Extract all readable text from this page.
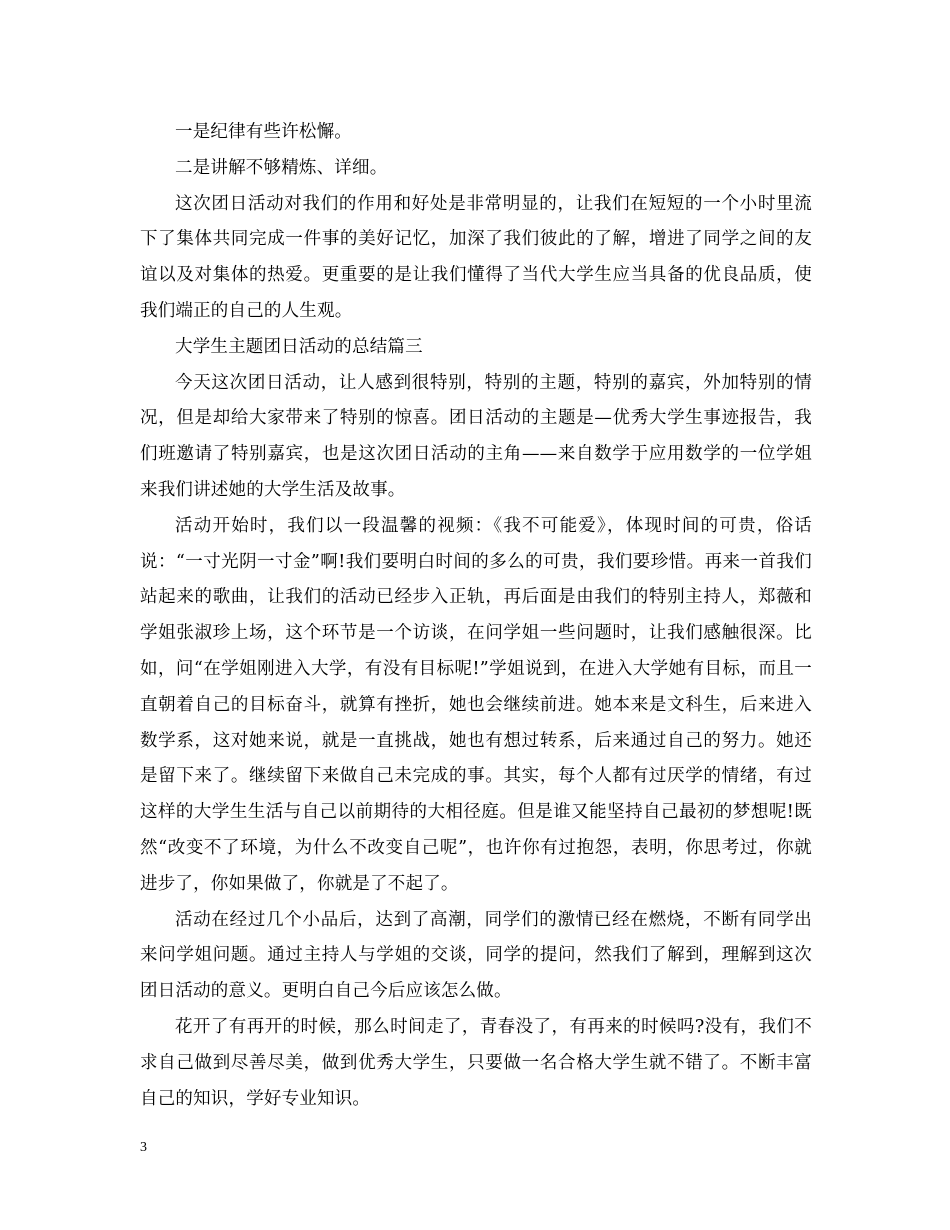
一是纪律有些许松懈。

二是讲解不够精炼、详细。

这次团日活动对我们的作用和好处是非常明显的，让我们在短短的一个小时里流下了集体共同完成一件事的美好记忆，加深了我们彼此的了解，增进了同学之间的友谊以及对集体的热爱。更重要的是让我们懂得了当代大学生应当具备的优良品质，使我们端正的自己的人生观。

大学生主题团日活动的总结篇三

今天这次团日活动，让人感到很特别，特别的主题，特别的嘉宾，外加特别的情况，但是却给大家带来了特别的惊喜。团日活动的主题是—优秀大学生事迹报告，我们班邀请了特别嘉宾，也是这次团日活动的主角——来自数学于应用数学的一位学姐来我们讲述她的大学生活及故事。

活动开始时，我们以一段温馨的视频：《我不可能爱》，体现时间的可贵，俗话说：“一寸光阴一寸金”啊!我们要明白时间的多么的可贵，我们要珍惜。再来一首我们站起来的歌曲，让我们的活动已经步入正轨，再后面是由我们的特别主持人，郑薇和学姐张淑珍上场，这个环节是一个访谈，在问学姐一些问题时，让我们感触很深。比如，问“在学姐刚进入大学，有没有目标呢!”学姐说到，在进入大学她有目标，而且一直朝着自己的目标奋斗，就算有挫折，她也会继续前进。她本来是文科生，后来进入数学系，这对她来说，就是一直挑战，她也有想过转系，后来通过自己的努力。她还是留下来了。继续留下来做自己未完成的事。其实，每个人都有过厌学的情绪，有过这样的大学生生活与自己以前期待的大相径庭。但是谁又能坚持自己最初的梦想呢!既然“改变不了环境，为什么不改变自己呢”，也许你有过抱怨，表明，你思考过，你就进步了，你如果做了，你就是了不起了。

活动在经过几个小品后，达到了高潮，同学们的激情已经在燃烧，不断有同学出来问学姐问题。通过主持人与学姐的交谈，同学的提问，然我们了解到，理解到这次团日活动的意义。更明白自己今后应该怎么做。

花开了有再开的时候，那么时间走了，青春没了，有再来的时候吗?没有，我们不求自己做到尽善尽美，做到优秀大学生，只要做一名合格大学生就不错了。不断丰富自己的知识，学好专业知识。

3
